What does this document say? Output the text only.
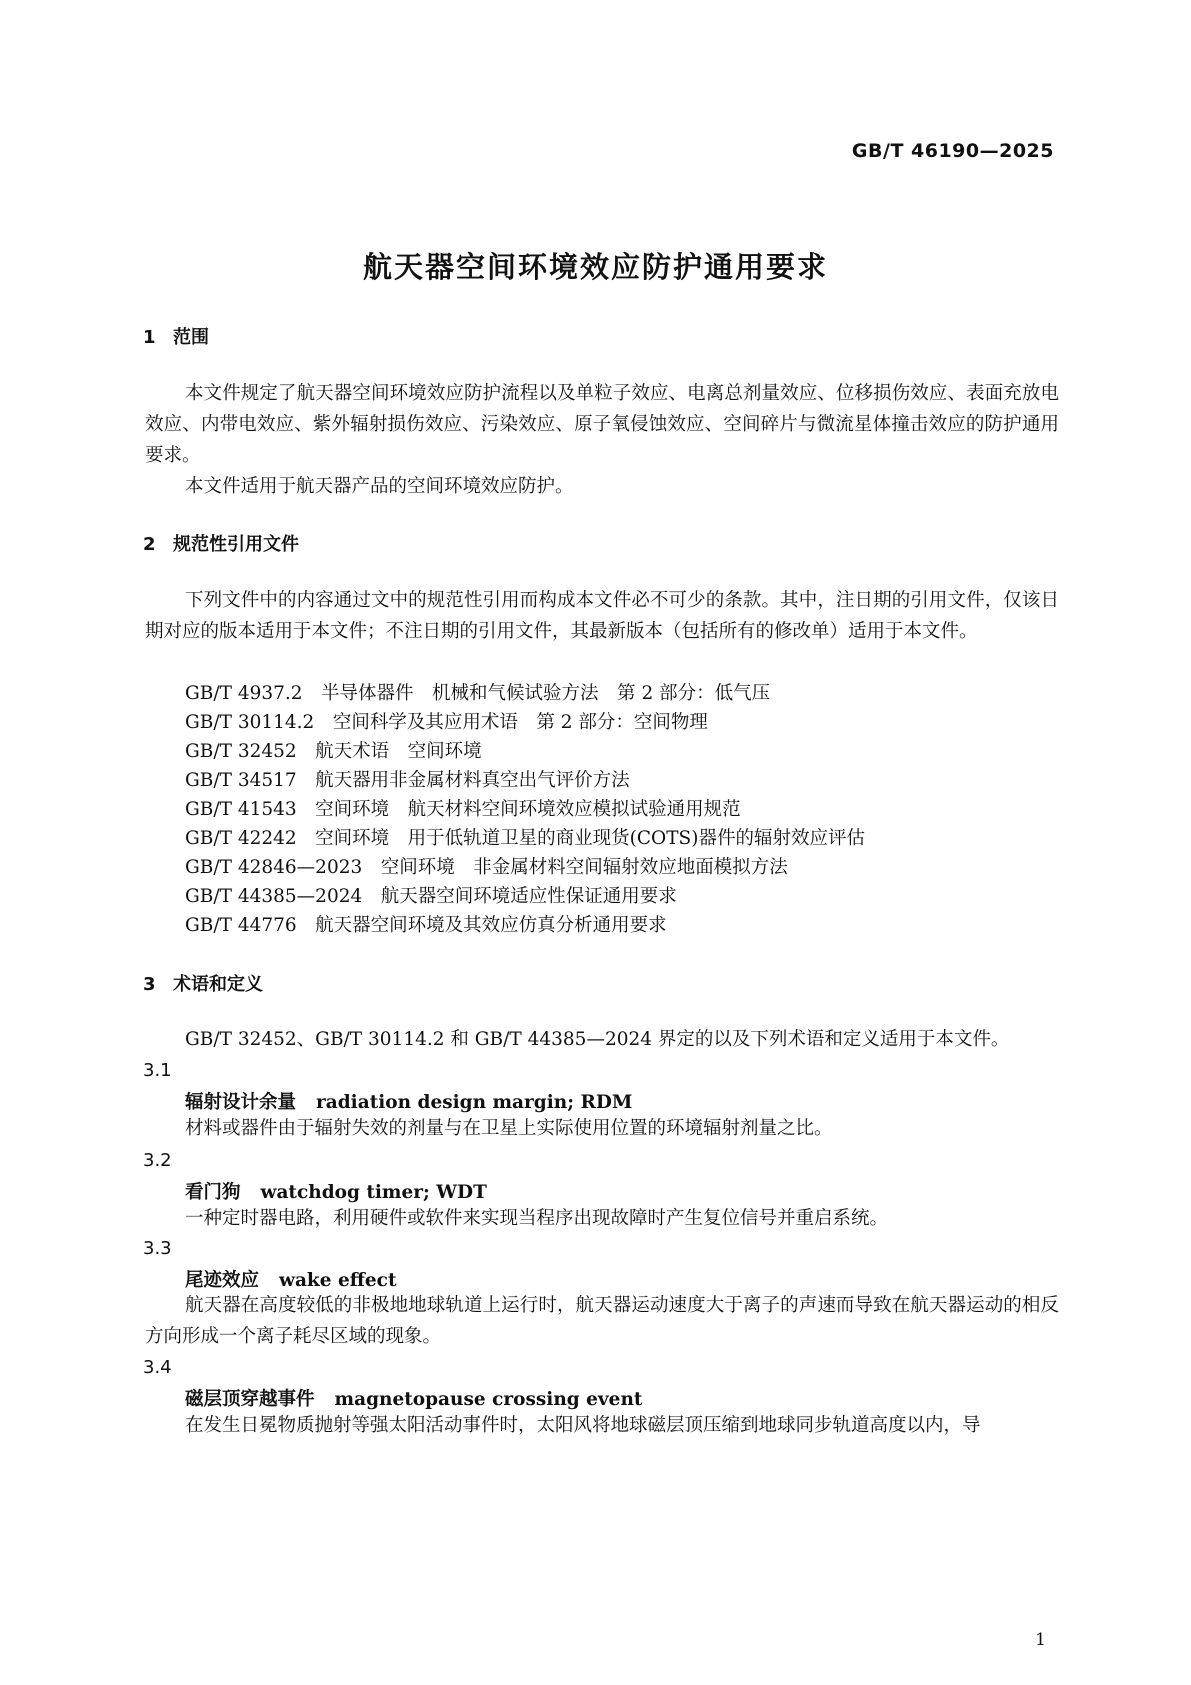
GB/T 46190—2025
航天器空间环境效应防护通用要求
1 范围
本文件规定了航天器空间环境效应防护流程以及单粒子效应、电离总剂量效应、位移损伤效应、表面充放电效应、内带电效应、紫外辐射损伤效应、污染效应、原子氧侵蚀效应、空间碎片与微流星体撞击效应的防护通用要求。
本文件适用于航天器产品的空间环境效应防护。
2 规范性引用文件
下列文件中的内容通过文中的规范性引用而构成本文件必不可少的条款。其中，注日期的引用文件，仅该日期对应的版本适用于本文件；不注日期的引用文件，其最新版本（包括所有的修改单）适用于本文件。
GB/T 4937.2　半导体器件　机械和气候试验方法　第 2 部分：低气压
GB/T 30114.2　空间科学及其应用术语　第 2 部分：空间物理
GB/T 32452　航天术语　空间环境
GB/T 34517　航天器用非金属材料真空出气评价方法
GB/T 41543　空间环境　航天材料空间环境效应模拟试验通用规范
GB/T 42242　空间环境　用于低轨道卫星的商业现货(COTS)器件的辐射效应评估
GB/T 42846—2023　空间环境　非金属材料空间辐射效应地面模拟方法
GB/T 44385—2024　航天器空间环境适应性保证通用要求
GB/T 44776　航天器空间环境及其效应仿真分析通用要求
3 术语和定义
GB/T 32452、GB/T 30114.2 和 GB/T 44385—2024 界定的以及下列术语和定义适用于本文件。
3.1
辐射设计余量 radiation design margin; RDM
材料或器件由于辐射失效的剂量与在卫星上实际使用位置的环境辐射剂量之比。
3.2
看门狗 watchdog timer; WDT
一种定时器电路，利用硬件或软件来实现当程序出现故障时产生复位信号并重启系统。
3.3
尾迹效应 wake effect
航天器在高度较低的非极地地球轨道上运行时，航天器运动速度大于离子的声速而导致在航天器运动的相反方向形成一个离子耗尽区域的现象。
3.4
磁层顶穿越事件 magnetopause crossing event
在发生日冕物质抛射等强太阳活动事件时，太阳风将地球磁层顶压缩到地球同步轨道高度以内，导
1
